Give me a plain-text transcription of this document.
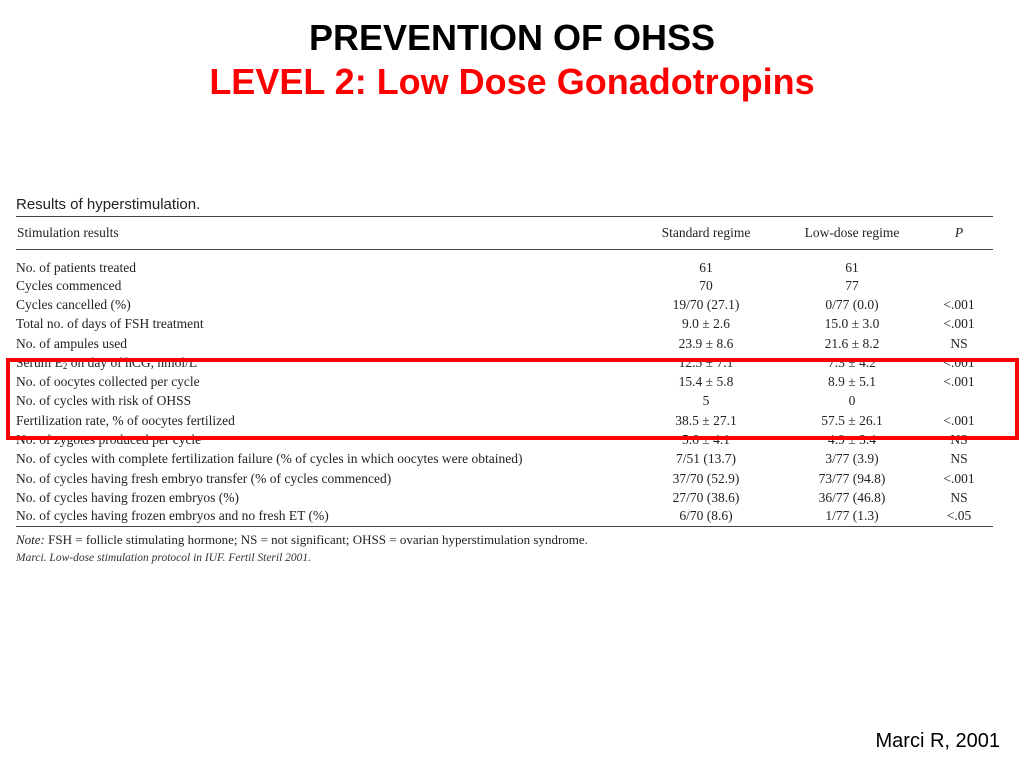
PREVENTION OF OHSS
LEVEL 2: Low Dose Gonadotropins
Results of hyperstimulation.
Stimulation results	Standard regime	Low-dose regime	P
No. of patients treated	61	61	
Cycles commenced	70	77	
Cycles cancelled (%)	19/70 (27.1)	0/77 (0.0)	<.001
Total no. of days of FSH treatment	9.0 ± 2.6	15.0 ± 3.0	<.001
No. of ampules used	23.9 ± 8.6	21.6 ± 8.2	NS
Serum $E_2$ on day of hCG, nmol/L	12.5 ± 7.1	7.3 ± 4.2	<.001
No. of oocytes collected per cycle	15.4 ± 5.8	8.9 ± 5.1	<.001
No. of cycles with risk of OHSS	5	0	
Fertilization rate, % of oocytes fertilized	38.5 ± 27.1	57.5 ± 26.1	<.001
No. of zygotes produced per cycle	5.6 ± 4.1	4.9 ± 3.4	NS
No. of cycles with complete fertilization failure (% of cycles in which oocytes were obtained)	7/51 (13.7)	3/77 (3.9)	NS
No. of cycles having fresh embryo transfer (% of cycles commenced)	37/70 (52.9)	73/77 (94.8)	<.001
No. of cycles having frozen embryos (%)	27/70 (38.6)	36/77 (46.8)	NS
No. of cycles having frozen embryos and no fresh ET (%)	6/70 (8.6)	1/77 (1.3)	<.05
Note: FSH = follicle stimulating hormone; NS = not significant; OHSS = ovarian hyperstimulation syndrome.
Marci. Low-dose stimulation protocol in IUF. Fertil Steril 2001.
Marci R, 2001
